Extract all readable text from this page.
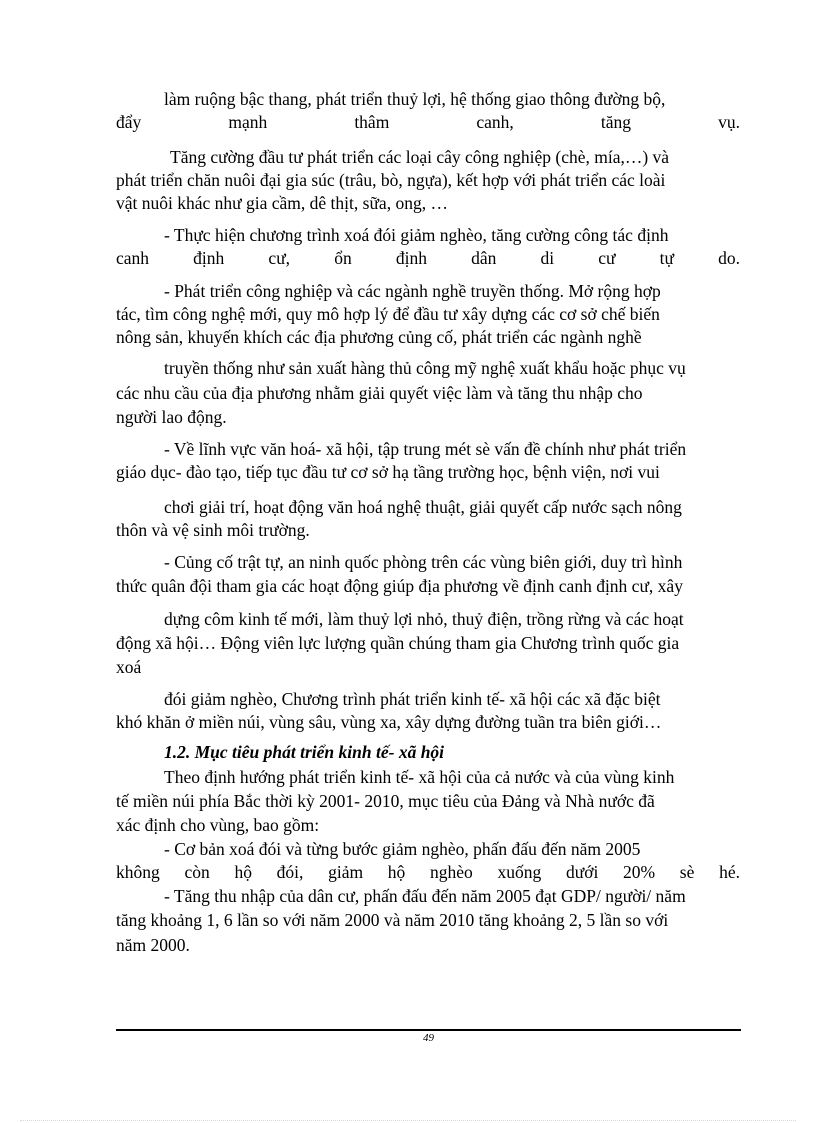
làm ruộng bậc thang, phát triển thuỷ lợi, hệ thống giao thông đường bộ,
đẩy mạnh thâm canh, tăng vụ.
Tăng cường đầu tư phát triển các loại cây công nghiệp (chè, mía,…) và
phát triển chăn nuôi đại gia súc (trâu, bò, ngựa), kết hợp với phát triển các loài
vật nuôi khác như gia cầm, dê thịt, sữa, ong, …
- Thực hiện chương trình xoá đói giảm nghèo, tăng cường công tác định
canh định cư, ổn định dân di cư tự do.
- Phát triển công nghiệp và các ngành nghề truyền thống. Mở rộng hợp
tác, tìm công nghệ mới, quy mô hợp lý để đầu tư xây dựng các cơ sở chế biến
nông sản, khuyến khích các địa phương củng cố, phát triển các ngành nghề
truyền thống như sản xuất hàng thủ công mỹ nghệ xuất khẩu hoặc phục vụ
các nhu cầu của địa phương nhằm giải quyết việc làm và tăng thu nhập cho
người lao động.
- Về lĩnh vực văn hoá- xã hội, tập trung mét sè vấn đề chính như phát triển
giáo dục- đào tạo, tiếp tục đầu tư cơ sở hạ tầng trường học, bệnh viện, nơi vui
chơi giải trí, hoạt động văn hoá nghệ thuật, giải quyết cấp nước sạch nông
thôn và vệ sinh môi trường.
- Củng cố trật tự, an ninh quốc phòng trên các vùng biên giới, duy trì hình
thức quân đội tham gia các hoạt động giúp địa phương về định canh định cư, xây
dựng côm kinh tế mới, làm thuỷ lợi nhỏ, thuỷ điện, trồng rừng và các hoạt
động xã hội… Động viên lực lượng quần chúng tham gia Chương trình quốc gia
xoá
đói giảm nghèo, Chương trình phát triển kinh tế- xã hội các xã đặc biệt
khó khăn ở miền núi, vùng sâu, vùng xa, xây dựng đường tuần tra biên giới…
1.2. Mục tiêu phát triển kinh tế- xã hội
Theo định hướng phát triển kinh tế- xã hội của cả nước và của vùng kinh
tế miền núi phía Bắc thời kỳ 2001- 2010, mục tiêu của Đảng và Nhà nước đã
xác định cho vùng, bao gồm:
- Cơ bản xoá đói và từng bước giảm nghèo, phấn đấu đến năm 2005
không còn hộ đói, giảm hộ nghèo xuống dưới 20% sè hé.
- Tăng thu nhập của dân cư, phấn đấu đến năm 2005 đạt GDP/ người/ năm
tăng khoảng 1, 6 lần so với năm 2000 và năm 2010 tăng khoảng 2, 5 lần so với
năm 2000.
49
